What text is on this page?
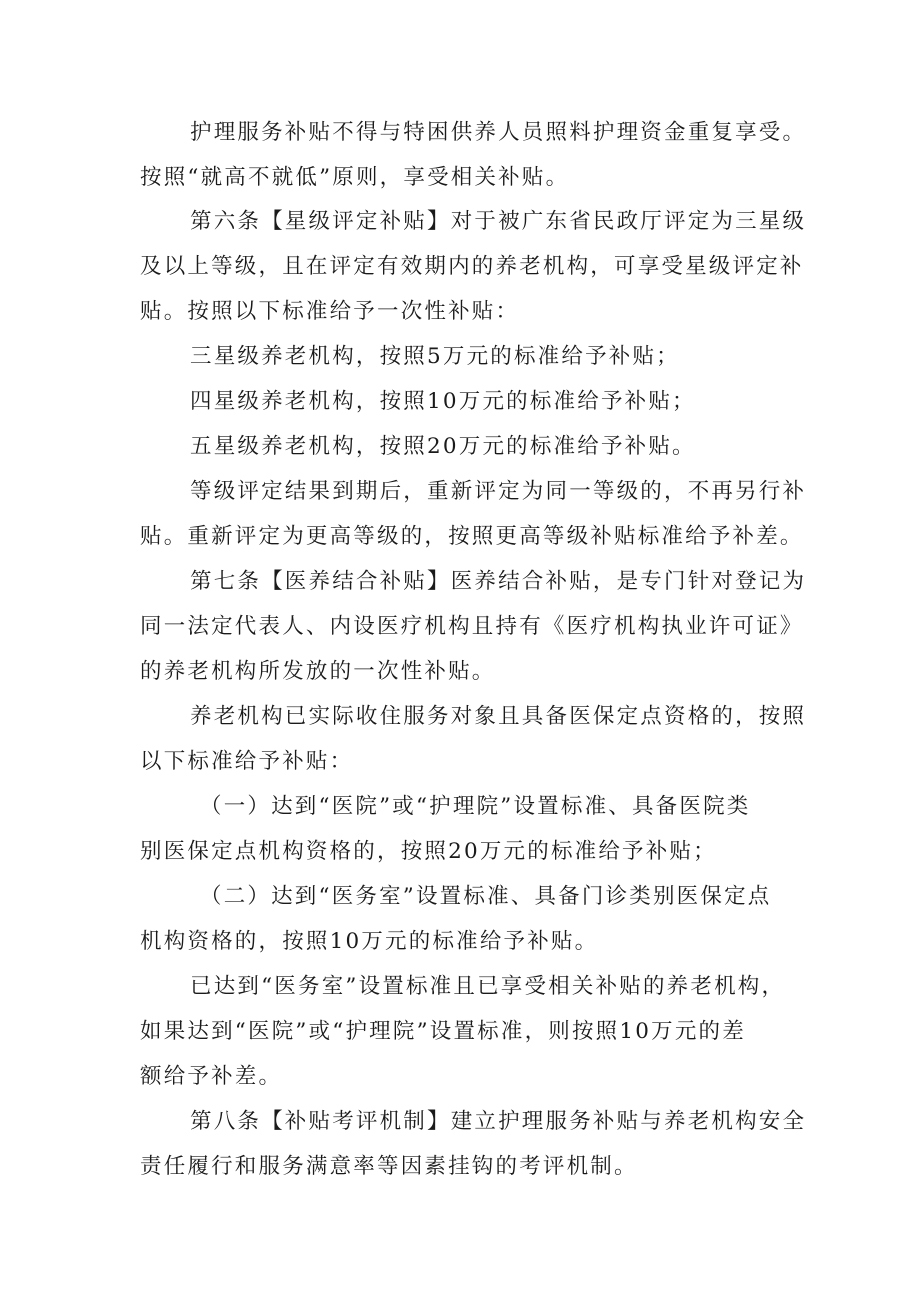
护理服务补贴不得与特困供养人员照料护理资金重复享受。
按照“就高不就低”原则，享受相关补贴。
第六条【星级评定补贴】对于被广东省民政厅评定为三星级
及以上等级，且在评定有效期内的养老机构，可享受星级评定补
贴。按照以下标准给予一次性补贴：
三星级养老机构，按照5万元的标准给予补贴；
四星级养老机构，按照10万元的标准给予补贴；
五星级养老机构，按照20万元的标准给予补贴。
等级评定结果到期后，重新评定为同一等级的，不再另行补
贴。重新评定为更高等级的，按照更高等级补贴标准给予补差。
第七条【医养结合补贴】医养结合补贴，是专门针对登记为
同一法定代表人、内设医疗机构且持有《医疗机构执业许可证》
的养老机构所发放的一次性补贴。
养老机构已实际收住服务对象且具备医保定点资格的，按照
以下标准给予补贴：
（一）达到“医院”或“护理院”设置标准、具备医院类
别医保定点机构资格的，按照20万元的标准给予补贴；
（二）达到“医务室”设置标准、具备门诊类别医保定点
机构资格的，按照10万元的标准给予补贴。
已达到“医务室”设置标准且已享受相关补贴的养老机构，
如果达到“医院”或“护理院”设置标准，则按照10万元的差
额给予补差。
第八条【补贴考评机制】建立护理服务补贴与养老机构安全
责任履行和服务满意率等因素挂钩的考评机制。
